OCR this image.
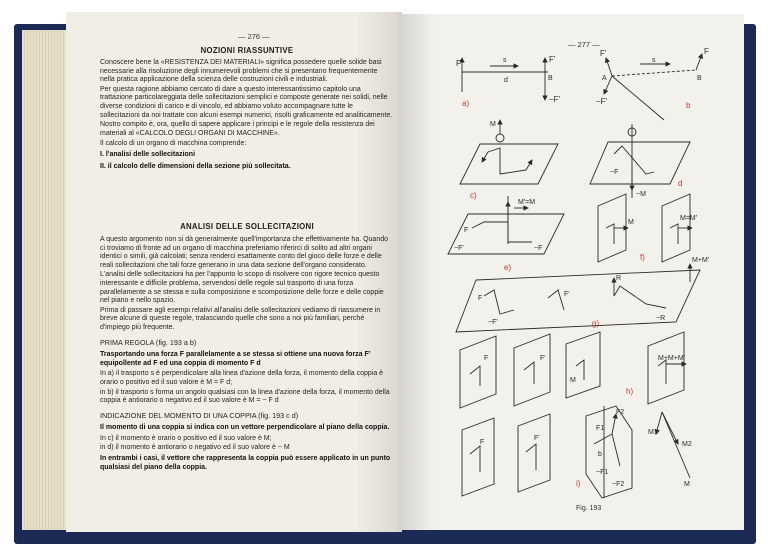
— 276 —
NOZIONI RIASSUNTIVE

Conoscere bene la «RESISTENZA DEI MATERIALI» significa possedere quelle solide basi necessarie alla risoluzione degli innumerevoli problemi che si presentano frequentemente nella pratica applicazione della scienza delle costruzioni civili e industriali.

Per questa ragione abbiamo cercato di dare a questo interessantissimo capitolo una trattazione particolareggiata delle sollecitazioni semplici e composte generate nei solidi, nelle diverse condizioni di carico e di vincolo, ed abbiamo voluto accompagnare tutte le sollecitazioni da noi trattate con alcuni esempi numerici, risolti graficamente ed analiticamente.

Nostro compito è, ora, quello di sapere applicare i principi e le regole della resistenza dei materiali al «CALCOLO DEGLI ORGANI DI MACCHINE».

Il calcolo di un organo di macchina comprende:

I. l'analisi delle sollecitazioni

II. il calcolo delle dimensioni della sezione più sollecitata.

ANALISI DELLE SOLLECITAZIONI

A questo argomento non si dà generalmente quell'importanza che effettivamente ha. Quando ci troviamo di fronte ad un organo di macchina preferiamo riferirci di solito ad altri organi identici o simili, già calcolati; senza renderci esattamente conto del gioco delle forze e delle reali sollecitazioni che tali forze generano in una data sezione dell'organo considerato.

L'analisi delle sollecitazioni ha per l'appunto lo scopo di risolvere con rigore tecnico questo interessante e difficile problema, servendosi delle regole sul trasporto di una forza parallelamente a se stessa e sulla composizione e scomposizione delle forze e delle coppie nel piano e nello spazio.

Prima di passare agli esempi relativi all'analisi delle sollecitazioni vediamo di riassumere in breve alcune di queste regole, tralasciando quelle che sono a noi più familiari, perché d'impiego più frequente.

PRIMA REGOLA (fig. 193 a b)

Trasportando una forza F parallelamente a se stessa si ottiene una nuova forza F' equipollente ad F ed una coppia di momento F d

In a) il trasporto s è perpendicolare alla linea d'azione della forza, il momento della coppia è orario o positivo ed il suo valore è M = F d;

in b) il trasporto s forma un angolo qualsiasi con la linea d'azione della forza, il momento della coppia è antiorario o negativo ed il suo valore è M = − F d

INDICAZIONE DEL MOMENTO DI UNA COPPIA (fig. 193 c d)

Il momento di una coppia si indica con un vettore perpendicolare al piano della coppia.

In c) il momento è orario o positivo ed il suo valore è M;

in d) il momento è antiorario o negativo ed il suo valore è − M

In entrambi i casi, il vettore che rappresenta la coppia può essere applicato in un punto qualsiasi del piano della coppia.

— 277 —
F	F'
−F'
s
d	B
a)
F'
A	B
F
−F'
s
b
M
c)
−F
−M
d
M'=M
F
−F'	−F
e)
M
M=M'
f)
F
F'
R
M+M'
−F'
−R
g)
F	F'
M
M+M+M'
h)
F
F'
F2
F1
−F1
−F2
b
M1
M2
M
i)
Fig. 193
